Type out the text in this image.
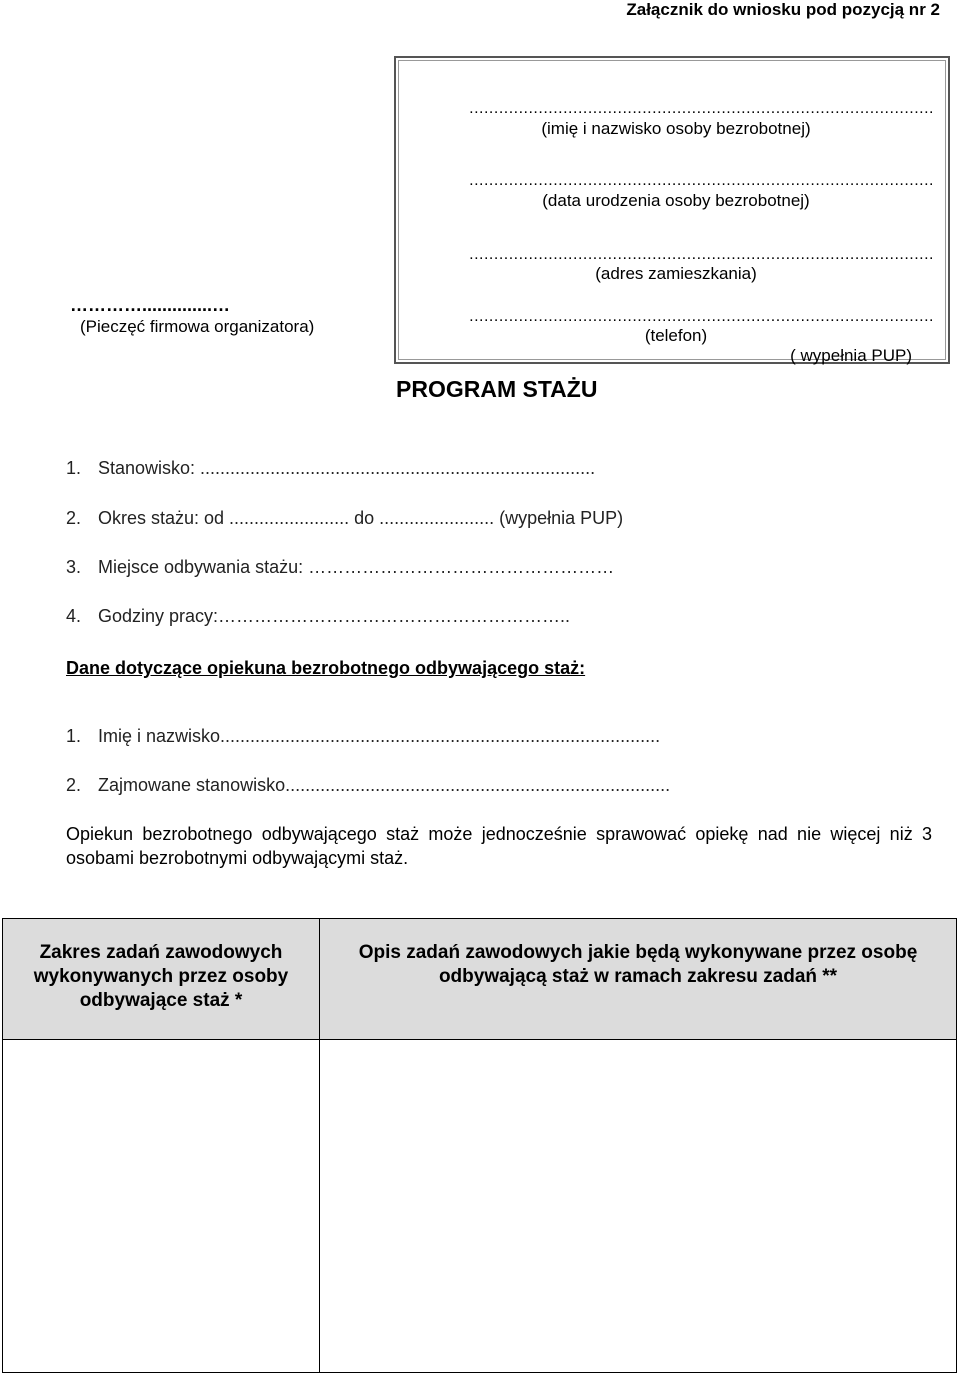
Załącznik do wniosku pod pozycją nr 2
..............................................................................................
(imię i nazwisko osoby bezrobotnej)
..............................................................................................
(data urodzenia osoby bezrobotnej)
..............................................................................................
(adres zamieszkania)
..............................................................................................
(telefon)
( wypełnia PUP)
…………..............…
(Pieczęć firmowa organizatora)
PROGRAM STAŻU
1. Stanowisko: ...............................................................................
2. Okres stażu: od ........................ do ....................... (wypełnia PUP)
3. Miejsce odbywania stażu: ……………………………………………
4. Godziny pracy:…………………………………………………..
Dane dotyczące opiekuna bezrobotnego odbywającego staż:
1. Imię i nazwisko........................................................................................
2. Zajmowane stanowisko.............................................................................
Opiekun bezrobotnego odbywającego staż może jednocześnie sprawować opiekę nad nie więcej niż 3 osobami bezrobotnymi odbywającymi staż.
Zakres zadań zawodowych wykonywanych przez osoby odbywające staż *	Opis zadań zawodowych jakie będą wykonywane przez osobę odbywającą staż w ramach zakresu zadań **
